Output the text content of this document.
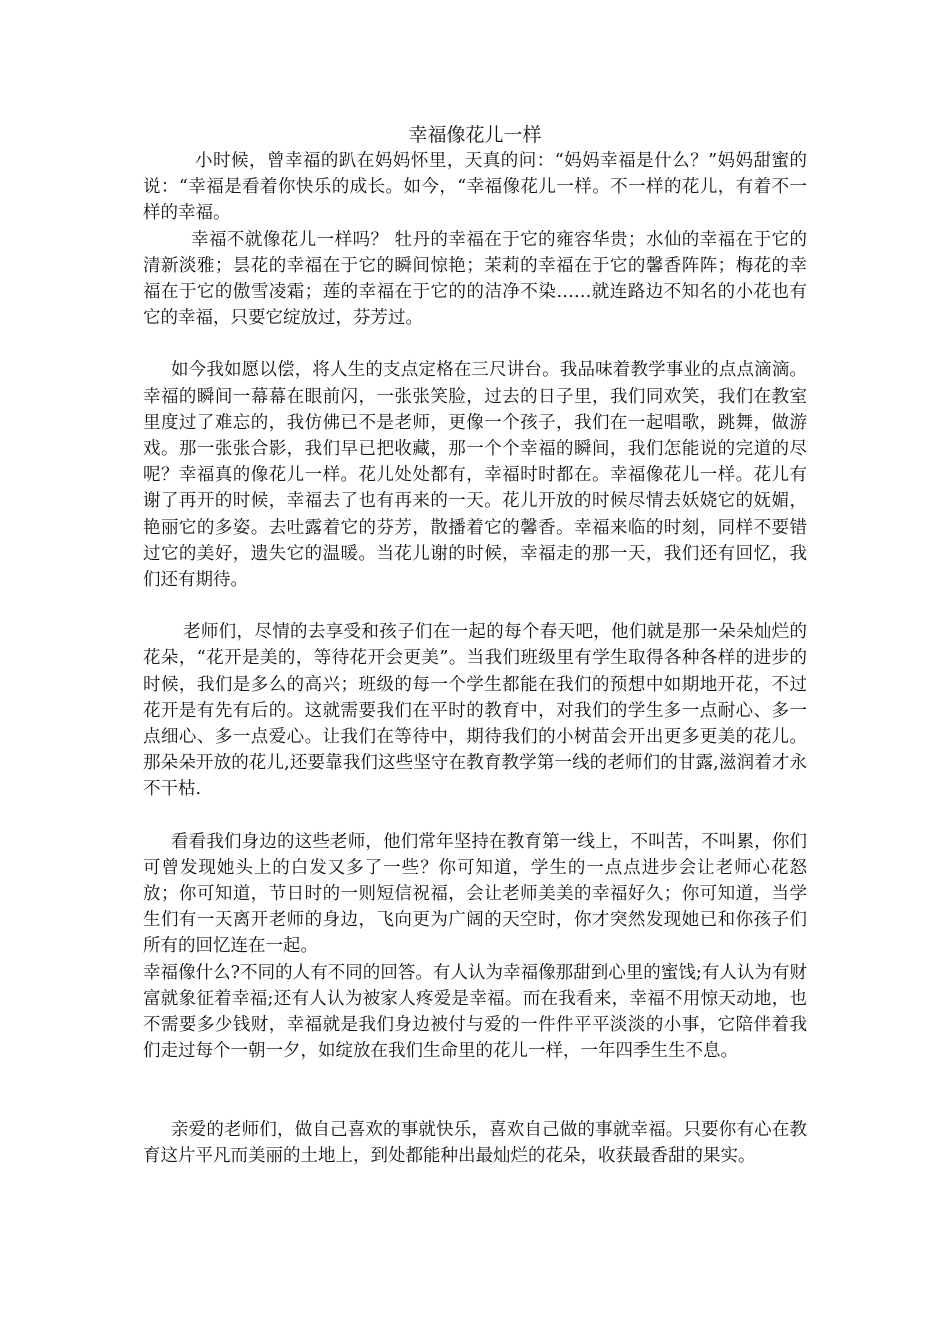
幸福像花儿一样

小时候，曾幸福的趴在妈妈怀里，天真的问：“妈妈幸福是什么？”妈妈甜蜜的说：“幸福是看着你快乐的成长。如今，“幸福像花儿一样。不一样的花儿，有着不一样的幸福。

幸福不就像花儿一样吗？ 牡丹的幸福在于它的雍容华贵；水仙的幸福在于它的清新淡雅；昙花的幸福在于它的瞬间惊艳；茉莉的幸福在于它的馨香阵阵；梅花的幸福在于它的傲雪凌霜；莲的幸福在于它的的洁净不染……就连路边不知名的小花也有它的幸福，只要它绽放过，芬芳过。

如今我如愿以偿，将人生的支点定格在三尺讲台。我品味着教学事业的点点滴滴。幸福的瞬间一幕幕在眼前闪，一张张笑脸，过去的日子里，我们同欢笑，我们在教室里度过了难忘的，我仿佛已不是老师，更像一个孩子，我们在一起唱歌，跳舞，做游戏。那一张张合影，我们早已把收藏，那一个个幸福的瞬间，我们怎能说的完道的尽呢？幸福真的像花儿一样。花儿处处都有，幸福时时都在。幸福像花儿一样。花儿有谢了再开的时候，幸福去了也有再来的一天。花儿开放的时候尽情去妖娆它的妩媚，艳丽它的多姿。去吐露着它的芬芳，散播着它的馨香。幸福来临的时刻，同样不要错过它的美好，遗失它的温暖。当花儿谢的时候，幸福走的那一天，我们还有回忆，我们还有期待。

老师们，尽情的去享受和孩子们在一起的每个春天吧，他们就是那一朵朵灿烂的花朵，“花开是美的，等待花开会更美”。当我们班级里有学生取得各种各样的进步的时候，我们是多么的高兴；班级的每一个学生都能在我们的预想中如期地开花，不过花开是有先有后的。这就需要我们在平时的教育中，对我们的学生多一点耐心、多一点细心、多一点爱心。让我们在等待中，期待我们的小树苗会开出更多更美的花儿。那朵朵开放的花儿,还要靠我们这些坚守在教育教学第一线的老师们的甘露,滋润着才永不干枯.

看看我们身边的这些老师，他们常年坚持在教育第一线上，不叫苦，不叫累，你们可曾发现她头上的白发又多了一些？你可知道，学生的一点点进步会让老师心花怒放；你可知道，节日时的一则短信祝福，会让老师美美的幸福好久；你可知道，当学生们有一天离开老师的身边，飞向更为广阔的天空时，你才突然发现她已和你孩子们所有的回忆连在一起。

幸福像什么?不同的人有不同的回答。有人认为幸福像那甜到心里的蜜饯;有人认为有财富就象征着幸福;还有人认为被家人疼爱是幸福。而在我看来，幸福不用惊天动地，也不需要多少钱财，幸福就是我们身边被付与爱的一件件平平淡淡的小事，它陪伴着我们走过每个一朝一夕，如绽放在我们生命里的花儿一样，一年四季生生不息。

亲爱的老师们，做自己喜欢的事就快乐，喜欢自己做的事就幸福。只要你有心在教育这片平凡而美丽的土地上，到处都能种出最灿烂的花朵，收获最香甜的果实。
